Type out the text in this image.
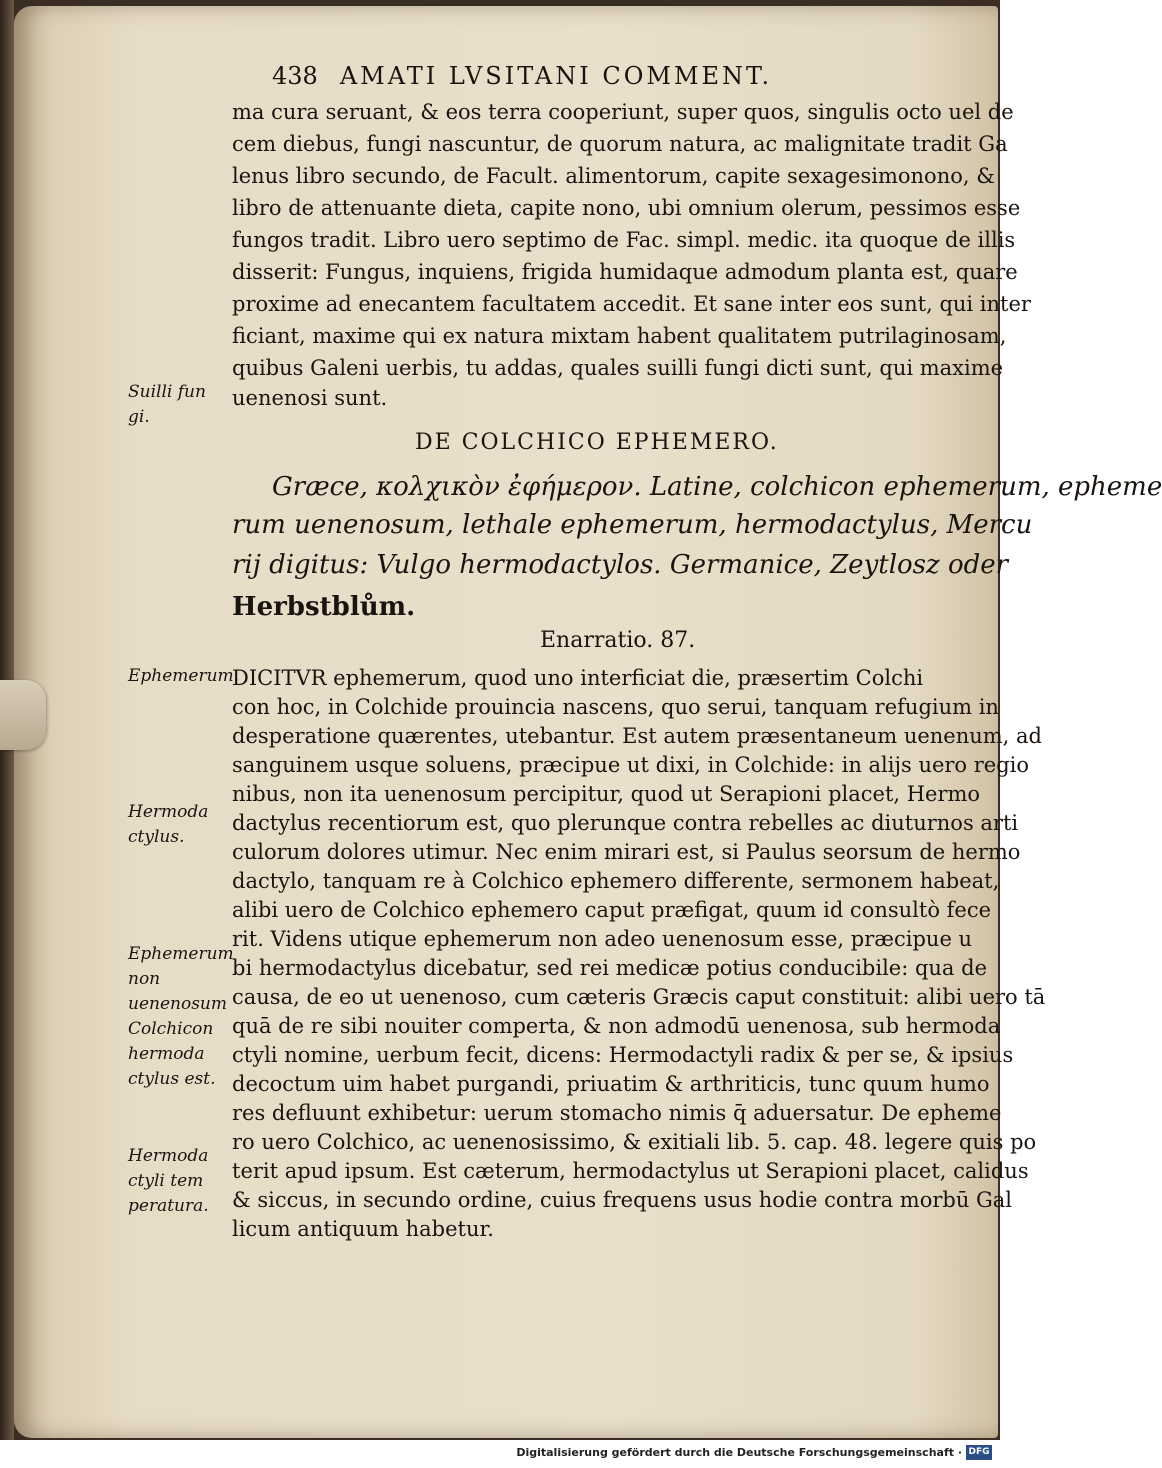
438 AMATI LVSITANI COMMENT.
ma cura seruant, & eos terra cooperiunt, super quos, singulis octo uel de
cem diebus, fungi nascuntur, de quorum natura, ac malignitate tradit Ga
lenus libro secundo, de Facult. alimentorum, capite sexagesimonono, &
libro de attenuante dieta, capite nono, ubi omnium olerum, pessimos esse
fungos tradit. Libro uero septimo de Fac. simpl. medic. ita quoque de illis
disserit: Fungus, inquiens, frigida humidaque admodum planta est, quare
proxime ad enecantem facultatem accedit. Et sane inter eos sunt, qui inter
ficiant, maxime qui ex natura mixtam habent qualitatem putrilaginosam,
quibus Galeni uerbis, tu addas, quales suilli fungi dicti sunt, qui maxime
uenenosi sunt.
Suilli fun gi.
DE COLCHICO EPHEMERO.
Græce, κολχικὸν ἐφήμερον. Latine, colchicon ephemerum, epheme
rum uenenosum, lethale ephemerum, hermodactylus, Mercu
rij digitus: Vulgo hermodactylos. Germanice, Zeytlosz oder
Herbstblům.
Enarratio. 87.
Ephemerum.
Hermoda ctylus.
Ephemerum non uenenosum Colchicon hermoda ctylus est.
Hermoda ctyli tem peratura.
DICITVR ephemerum, quod uno interficiat die, præsertim Colchi
con hoc, in Colchide prouincia nascens, quo serui, tanquam refugium in
desperatione quærentes, utebantur. Est autem præsentaneum uenenum, ad
sanguinem usque soluens, præcipue ut dixi, in Colchide: in alijs uero regio
nibus, non ita uenenosum percipitur, quod ut Serapioni placet, Hermo
dactylus recentiorum est, quo plerunque contra rebelles ac diuturnos arti
culorum dolores utimur. Nec enim mirari est, si Paulus seorsum de hermo
dactylo, tanquam re à Colchico ephemero differente, sermonem habeat,
alibi uero de Colchico ephemero caput præfigat, quum id consultò fece
rit. Videns utique ephemerum non adeo uenenosum esse, præcipue u
bi hermodactylus dicebatur, sed rei medicæ potius conducibile: qua de
causa, de eo ut uenenoso, cum cæteris Græcis caput constituit: alibi uero tā
quā de re sibi nouiter comperta, & non admodū uenenosa, sub hermoda
ctyli nomine, uerbum fecit, dicens: Hermodactyli radix & per se, & ipsius
decoctum uim habet purgandi, priuatim & arthriticis, tunc quum humo
res defluunt exhibetur: uerum stomacho nimis q̄ aduersatur. De epheme
ro uero Colchico, ac uenenosissimo, & exitiali lib. 5. cap. 48. legere quis po
terit apud ipsum. Est cæterum, hermodactylus ut Serapioni placet, calidus
& siccus, in secundo ordine, cuius frequens usus hodie contra morbū Gal
licum antiquum habetur.
Digitalisierung gefördert durch die Deutsche Forschungsgemeinschaft · DFG
